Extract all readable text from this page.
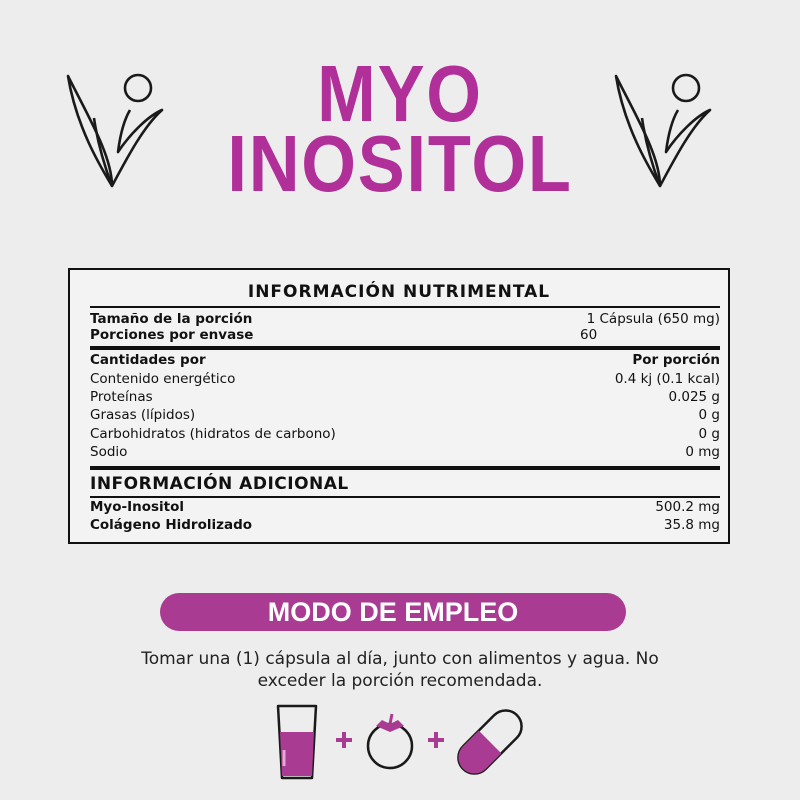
MYO
INOSITOL
INFORMACIÓN NUTRIMENTAL
Tamaño de la porción	1 Cápsula (650 mg)
Porciones por envase	60
Cantidades por	Por porción
Contenido energético	0.4 kj (0.1 kcal)
Proteínas	0.025 g
Grasas (lípidos)	0 g
Carbohidratos (hidratos de carbono)	0 g
Sodio	0 mg
INFORMACIÓN ADICIONAL
Myo-Inositol	500.2 mg
Colágeno Hidrolizado	35.8 mg
MODO DE EMPLEO
Tomar una (1) cápsula al día, junto con alimentos y agua. No
exceder la porción recomendada.
